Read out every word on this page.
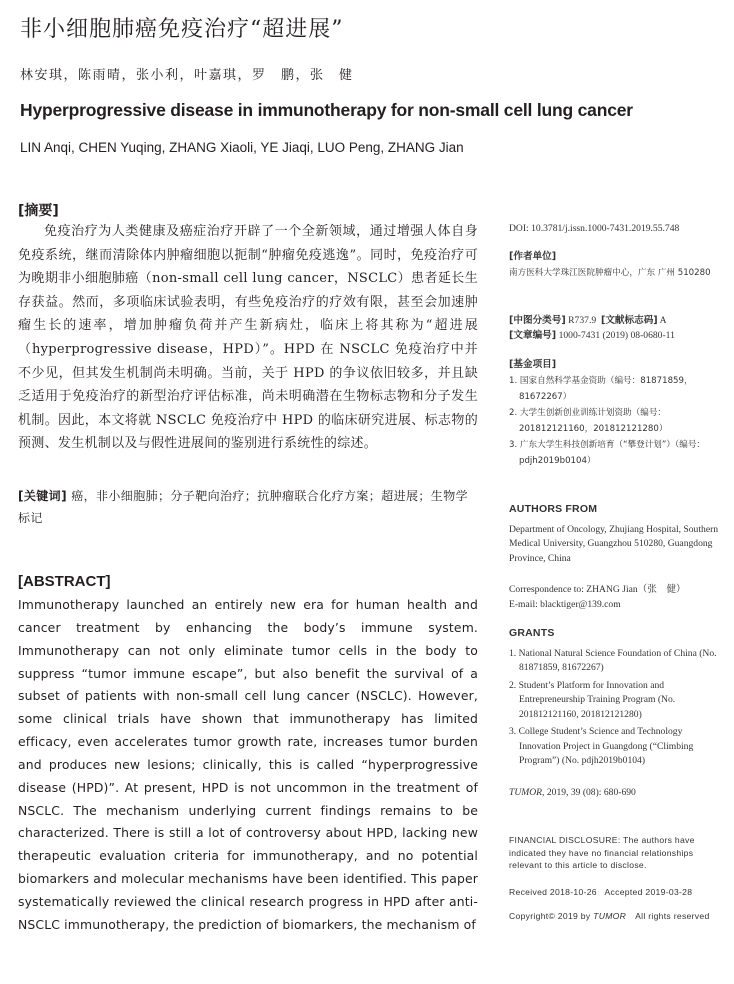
非小细胞肺癌免疫治疗“超进展”
林安琪，陈雨晴，张小利，叶嘉琪，罗　鹏，张　健
Hyperprogressive disease in immunotherapy for non-small cell lung cancer
LIN Anqi, CHEN Yuqing, ZHANG Xiaoli, YE Jiaqi, LUO Peng, ZHANG Jian
[摘要]
免疫治疗为人类健康及癌症治疗开辟了一个全新领域，通过增强人体自身免疫系统，继而清除体内肿瘤细胞以扼制“肿瘤免疫逃逸”。同时，免疫治疗可为晚期非小细胞肺癌（non-small cell lung cancer，NSCLC）患者延长生存获益。然而，多项临床试验表明，有些免疫治疗的疗效有限，甚至会加速肿瘤生长的速率，增加肿瘤负荷并产生新病灶，临床上将其称为“超进展（hyperprogressive disease，HPD）”。HPD 在 NSCLC 免疫治疗中并不少见，但其发生机制尚未明确。当前，关于 HPD 的争议依旧较多，并且缺乏适用于免疫治疗的新型治疗评估标准，尚未明确潜在生物标志物和分子发生机制。因此，本文将就 NSCLC 免疫治疗中 HPD 的临床研究进展、标志物的预测、发生机制以及与假性进展间的鉴别进行系统性的综述。
[关键词] 癌，非小细胞肺；分子靶向治疗；抗肿瘤联合化疗方案；超进展；生物学标记
[ABSTRACT]
Immunotherapy launched an entirely new era for human health and cancer treatment by enhancing the body’s immune system. Immunotherapy can not only eliminate tumor cells in the body to suppress “tumor immune escape”, but also benefit the survival of a subset of patients with non-small cell lung cancer (NSCLC). However, some clinical trials have shown that immunotherapy has limited efficacy, even accelerates tumor growth rate, increases tumor burden and produces new lesions; clinically, this is called “hyperprogressive disease (HPD)”. At present, HPD is not uncommon in the treatment of NSCLC. The mechanism underlying current findings remains to be characterized. There is still a lot of controversy about HPD, lacking new therapeutic evaluation criteria for immunotherapy, and no potential biomarkers and molecular mechanisms have been identified. This paper systematically reviewed the clinical research progress in HPD after anti-NSCLC immunotherapy, the prediction of biomarkers, the mechanism of
DOI: 10.3781/j.issn.1000-7431.2019.55.748
[作者单位]
南方医科大学珠江医院肿瘤中心，广东 广州 510280
[中图分类号] R737.9 [文献标志码] A
[文章编号] 1000-7431 (2019) 08-0680-11
[基金项目]
1. 国家自然科学基金资助（编号：81871859，81672267）
2. 大学生创新创业训练计划资助（编号：201812121160，201812121280）
3. 广东大学生科技创新培育（“攀登计划”）（编号：pdjh2019b0104）
AUTHORS FROM
Department of Oncology, Zhujiang Hospital, Southern Medical University, Guangzhou 510280, Guangdong Province, China
Correspondence to: ZHANG Jian（张　健）
E-mail: blacktiger@139.com
GRANTS
1. National Natural Science Foundation of China (No. 81871859, 81672267)
2. Student’s Platform for Innovation and Entrepreneurship Training Program (No. 201812121160, 201812121280)
3. College Student’s Science and Technology Innovation Project in Guangdong (“Climbing Program”) (No. pdjh2019b0104)
TUMOR, 2019, 39 (08): 680-690
FINANCIAL DISCLOSURE: The authors have indicated they have no financial relationships relevant to this article to disclose.
Received 2018-10-26 Accepted 2019-03-28
Copyright© 2019 by TUMOR　All rights reserved
